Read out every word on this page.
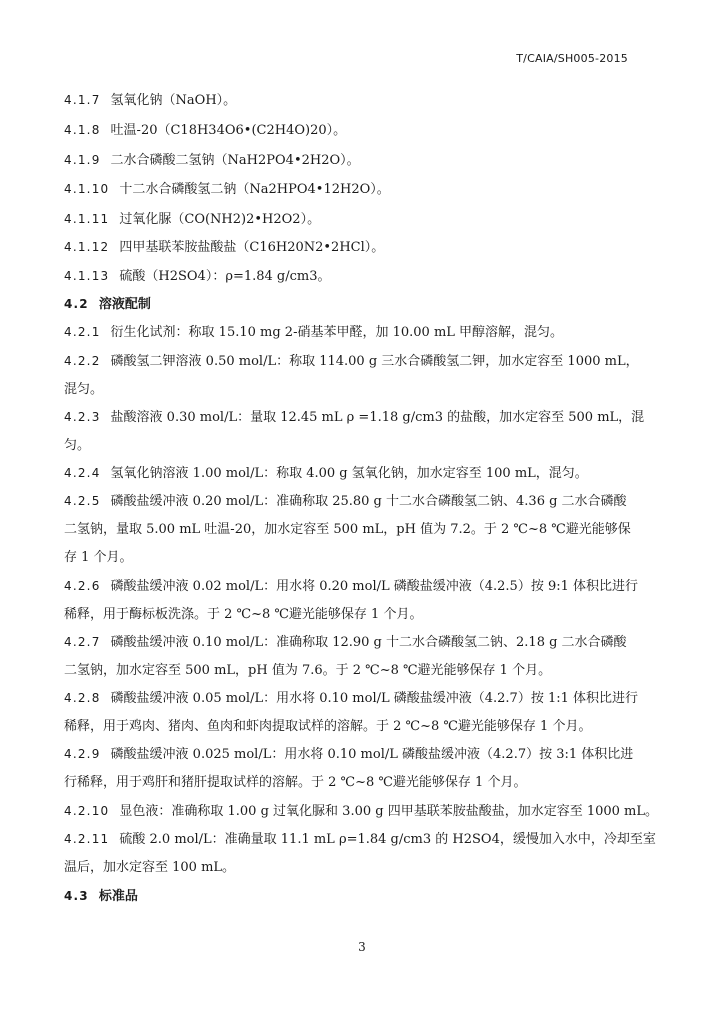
T/CAIA/SH005-2015
4.1.7 氢氧化钠（NaOH）。
4.1.8 吐温-20（C18H34O6•(C2H4O)20）。
4.1.9 二水合磷酸二氢钠（NaH2PO4•2H2O）。
4.1.10 十二水合磷酸氢二钠（Na2HPO4•12H2O）。
4.1.11 过氧化脲（CO(NH2)2•H2O2）。
4.1.12 四甲基联苯胺盐酸盐（C16H20N2•2HCl）。
4.1.13 硫酸（H2SO4）：ρ=1.84 g/cm3。
4.2 溶液配制
4.2.1 衍生化试剂：称取 15.10 mg 2-硝基苯甲醛，加 10.00 mL 甲醇溶解，混匀。
4.2.2 磷酸氢二钾溶液 0.50 mol/L：称取 114.00 g 三水合磷酸氢二钾，加水定容至 1000 mL，
混匀。
4.2.3 盐酸溶液 0.30 mol/L：量取 12.45 mL ρ =1.18 g/cm3 的盐酸，加水定容至 500 mL，混
匀。
4.2.4 氢氧化钠溶液 1.00 mol/L：称取 4.00 g 氢氧化钠，加水定容至 100 mL，混匀。
4.2.5 磷酸盐缓冲液 0.20 mol/L：准确称取 25.80 g 十二水合磷酸氢二钠、4.36 g 二水合磷酸
二氢钠，量取 5.00 mL 吐温-20，加水定容至 500 mL，pH 值为 7.2。于 2 ℃~8 ℃避光能够保
存 1 个月。
4.2.6 磷酸盐缓冲液 0.02 mol/L：用水将 0.20 mol/L 磷酸盐缓冲液（4.2.5）按 9:1 体积比进行
稀释，用于酶标板洗涤。于 2 ℃~8 ℃避光能够保存 1 个月。
4.2.7 磷酸盐缓冲液 0.10 mol/L：准确称取 12.90 g 十二水合磷酸氢二钠、2.18 g 二水合磷酸
二氢钠，加水定容至 500 mL，pH 值为 7.6。于 2 ℃~8 ℃避光能够保存 1 个月。
4.2.8 磷酸盐缓冲液 0.05 mol/L：用水将 0.10 mol/L 磷酸盐缓冲液（4.2.7）按 1:1 体积比进行
稀释，用于鸡肉、猪肉、鱼肉和虾肉提取试样的溶解。于 2 ℃~8 ℃避光能够保存 1 个月。
4.2.9 磷酸盐缓冲液 0.025 mol/L：用水将 0.10 mol/L 磷酸盐缓冲液（4.2.7）按 3:1 体积比进
行稀释，用于鸡肝和猪肝提取试样的溶解。于 2 ℃~8 ℃避光能够保存 1 个月。
4.2.10 显色液：准确称取 1.00 g 过氧化脲和 3.00 g 四甲基联苯胺盐酸盐，加水定容至 1000 mL。
4.2.11 硫酸 2.0 mol/L：准确量取 11.1 mL ρ=1.84 g/cm3 的 H2SO4，缓慢加入水中，冷却至室
温后，加水定容至 100 mL。
4.3 标准品
3
